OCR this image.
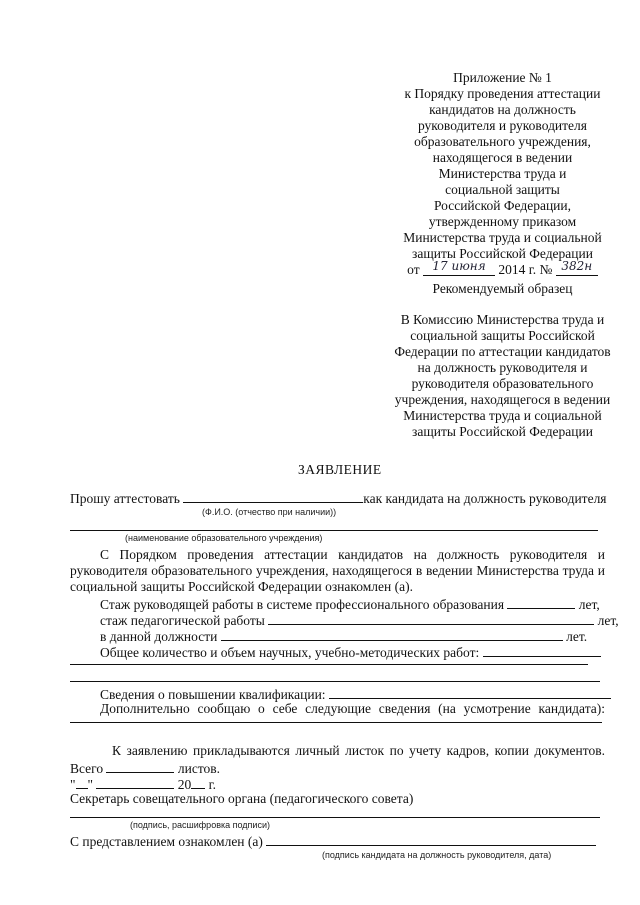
Приложение № 1
к Порядку проведения аттестации
кандидатов на должность
руководителя и руководителя
образовательного учреждения,
находящегося в ведении
Министерства труда и
социальной защиты
Российской Федерации,
утвержденному приказом
Министерства труда и социальной
защиты Российской Федерации
от 17 июня 2014 г. № 382н
Рекомендуемый образец
В Комиссию Министерства труда и
социальной защиты Российской
Федерации по аттестации кандидатов
на должность руководителя и
руководителя образовательного
учреждения, находящегося в ведении
Министерства труда и социальной
защиты Российской Федерации
ЗАЯВЛЕНИЕ
Прошу аттестовать	как кандидата на должность руководителя
(Ф.И.О. (отчество при наличии))
(наименование образовательного учреждения)
С Порядком проведения аттестации кандидатов на должность руководителя и
руководителя образовательного учреждения, находящегося в ведении Министерства труда и
социальной защиты Российской Федерации ознакомлен (а).
Стаж руководящей работы в системе профессионального образования	лет,
стаж педагогической работы	лет,
в данной должности	лет.
Общее количество и объем научных, учебно-методических работ:
Сведения о повышении квалификации:
Дополнительно сообщаю о себе следующие сведения (на усмотрение кандидата):
К заявлению прикладываются личный листок по учету кадров, копии документов.
Всего	листов.
" "	20 г.
Секретарь совещательного органа (педагогического совета)
(подпись, расшифровка подписи)
С представлением ознакомлен (а)
(подпись кандидата на должность руководителя, дата)
